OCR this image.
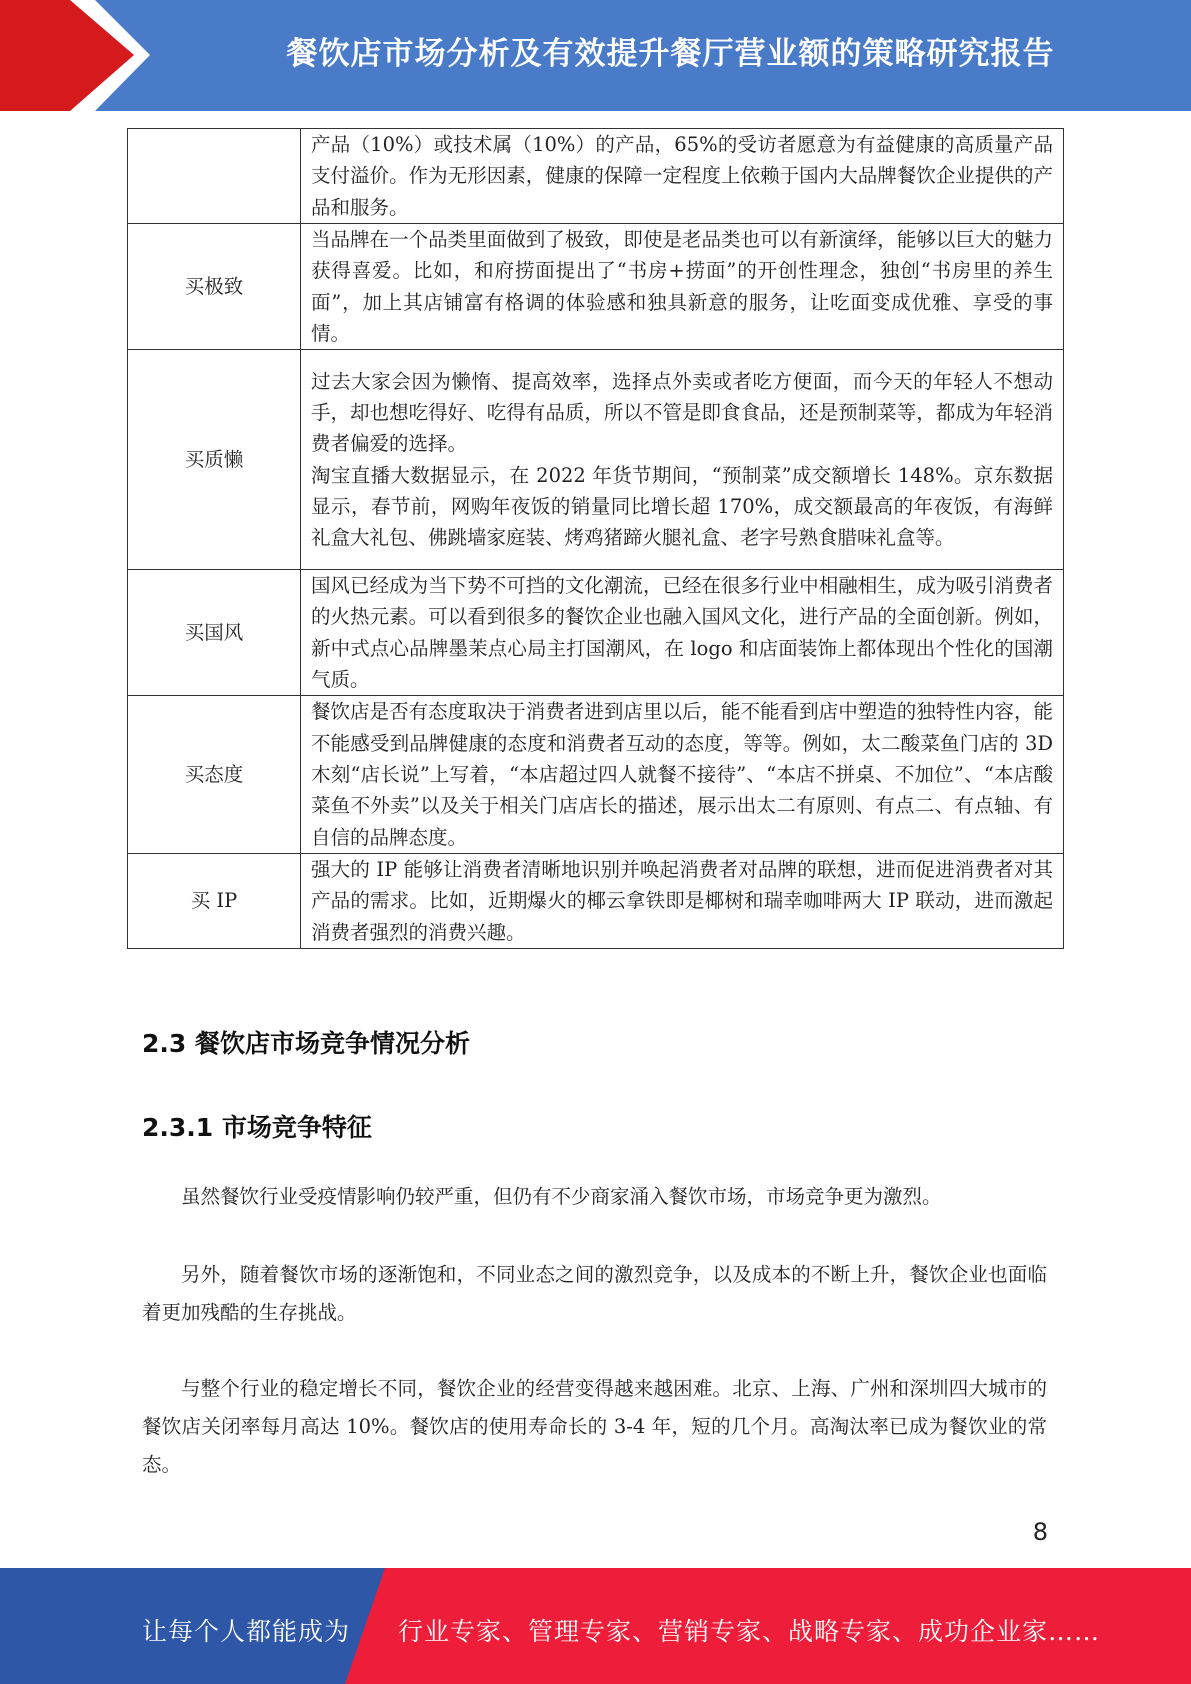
餐饮店市场分析及有效提升餐厅营业额的策略研究报告

	产品（10%）或技术属（10%）的产品，65%的受访者愿意为有益健康的高质量产品支付溢价。作为无形因素，健康的保障一定程度上依赖于国内大品牌餐饮企业提供的产品和服务。

买极致	当品牌在一个品类里面做到了极致，即使是老品类也可以有新演绎，能够以巨大的魅力获得喜爱。比如，和府捞面提出了“书房+捞面”的开创性理念，独创“书房里的养生面”，加上其店铺富有格调的体验感和独具新意的服务，让吃面变成优雅、享受的事情。

买质懒	过去大家会因为懒惰、提高效率，选择点外卖或者吃方便面，而今天的年轻人不想动手，却也想吃得好、吃得有品质，所以不管是即食食品，还是预制菜等，都成为年轻消费者偏爱的选择。

淘宝直播大数据显示，在 2022 年货节期间，“预制菜”成交额增长 148%。京东数据显示，春节前，网购年夜饭的销量同比增长超 170%，成交额最高的年夜饭，有海鲜礼盒大礼包、佛跳墙家庭装、烤鸡猪蹄火腿礼盒、老字号熟食腊味礼盒等。

买国风	国风已经成为当下势不可挡的文化潮流，已经在很多行业中相融相生，成为吸引消费者的火热元素。可以看到很多的餐饮企业也融入国风文化，进行产品的全面创新。例如，新中式点心品牌墨茉点心局主打国潮风，在 logo 和店面装饰上都体现出个性化的国潮气质。

买态度	餐饮店是否有态度取决于消费者进到店里以后，能不能看到店中塑造的独特性内容，能不能感受到品牌健康的态度和消费者互动的态度，等等。例如，太二酸菜鱼门店的 3D 木刻“店长说”上写着，“本店超过四人就餐不接待”、“本店不拼桌、不加位”、“本店酸菜鱼不外卖”以及关于相关门店店长的描述，展示出太二有原则、有点二、有点轴、有自信的品牌态度。

买 IP	强大的 IP 能够让消费者清晰地识别并唤起消费者对品牌的联想，进而促进消费者对其产品的需求。比如，近期爆火的椰云拿铁即是椰树和瑞幸咖啡两大 IP 联动，进而激起消费者强烈的消费兴趣。

2.3 餐饮店市场竞争情况分析
2.3.1 市场竞争特征

虽然餐饮行业受疫情影响仍较严重，但仍有不少商家涌入餐饮市场，市场竞争更为激烈。

另外，随着餐饮市场的逐渐饱和，不同业态之间的激烈竞争，以及成本的不断上升，餐饮企业也面临着更加残酷的生存挑战。

与整个行业的稳定增长不同，餐饮企业的经营变得越来越困难。北京、上海、广州和深圳四大城市的餐饮店关闭率每月高达 10%。餐饮店的使用寿命长的 3-4 年，短的几个月。高淘汰率已成为餐饮业的常态。

8
让每个人都能成为 行业专家、管理专家、营销专家、战略专家、成功企业家……
